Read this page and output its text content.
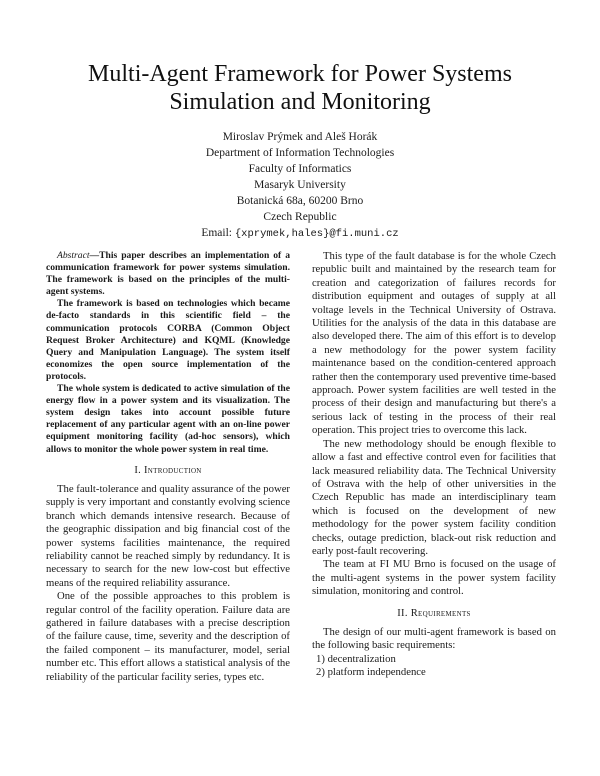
Multi-Agent Framework for Power Systems
Simulation and Monitoring
Miroslav Prýmek and Aleš Horák
Department of Information Technologies
Faculty of Informatics
Masaryk University
Botanická 68a, 60200 Brno
Czech Republic
Email: {xprymek,hales}@fi.muni.cz

Abstract—This paper describes an implementation of a communication framework for power systems simulation. The framework is based on the principles of the multi-agent systems.

The framework is based on technologies which became de-facto standards in this scientific field – the communication protocols CORBA (Common Object Request Broker Architecture) and KQML (Knowledge Query and Manipulation Language). The system itself economizes the open source implementation of the protocols.

The whole system is dedicated to active simulation of the energy flow in a power system and its visualization. The system design takes into account possible future replacement of any particular agent with an on-line power equipment monitoring facility (ad-hoc sensors), which allows to monitor the whole power system in real time.

I. Introduction

The fault-tolerance and quality assurance of the power supply is very important and constantly evolving science branch which demands intensive research. Because of the geographic dissipation and big financial cost of the power systems facilities maintenance, the required reliability cannot be reached simply by redundancy. It is necessary to search for the new low-cost but effective means of the required reliability assurance.

One of the possible approaches to this problem is regular control of the facility operation. Failure data are gathered in failure databases with a precise description of the failure cause, time, severity and the description of the failed component – its manufacturer, model, serial number etc. This effort allows a statistical analysis of the reliability of the particular facility series, types etc.

This type of the fault database is for the whole Czech republic built and maintained by the research team for creation and categorization of failures records for distribution equipment and outages of supply at all voltage levels in the Technical University of Ostrava. Utilities for the analysis of the data in this database are also developed there. The aim of this effort is to develop a new methodology for the power system facility maintenance based on the condition-centered approach rather then the contemporary used preventive time-based approach. Power system facilities are well tested in the process of their design and manufacturing but there's a serious lack of testing in the process of their real operation. This project tries to overcome this lack.

The new methodology should be enough flexible to allow a fast and effective control even for facilities that lack measured reliability data. The Technical University of Ostrava with the help of other universities in the Czech Republic has made an interdisciplinary team which is focused on the development of new methodology for the power system facility condition checks, outage prediction, black-out risk reduction and early post-fault recovering.

The team at FI MU Brno is focused on the usage of the multi-agent systems in the power system facility simulation, monitoring and control.

II. Requirements

The design of our multi-agent framework is based on the following basic requirements:

1) decentralization
2) platform independence
